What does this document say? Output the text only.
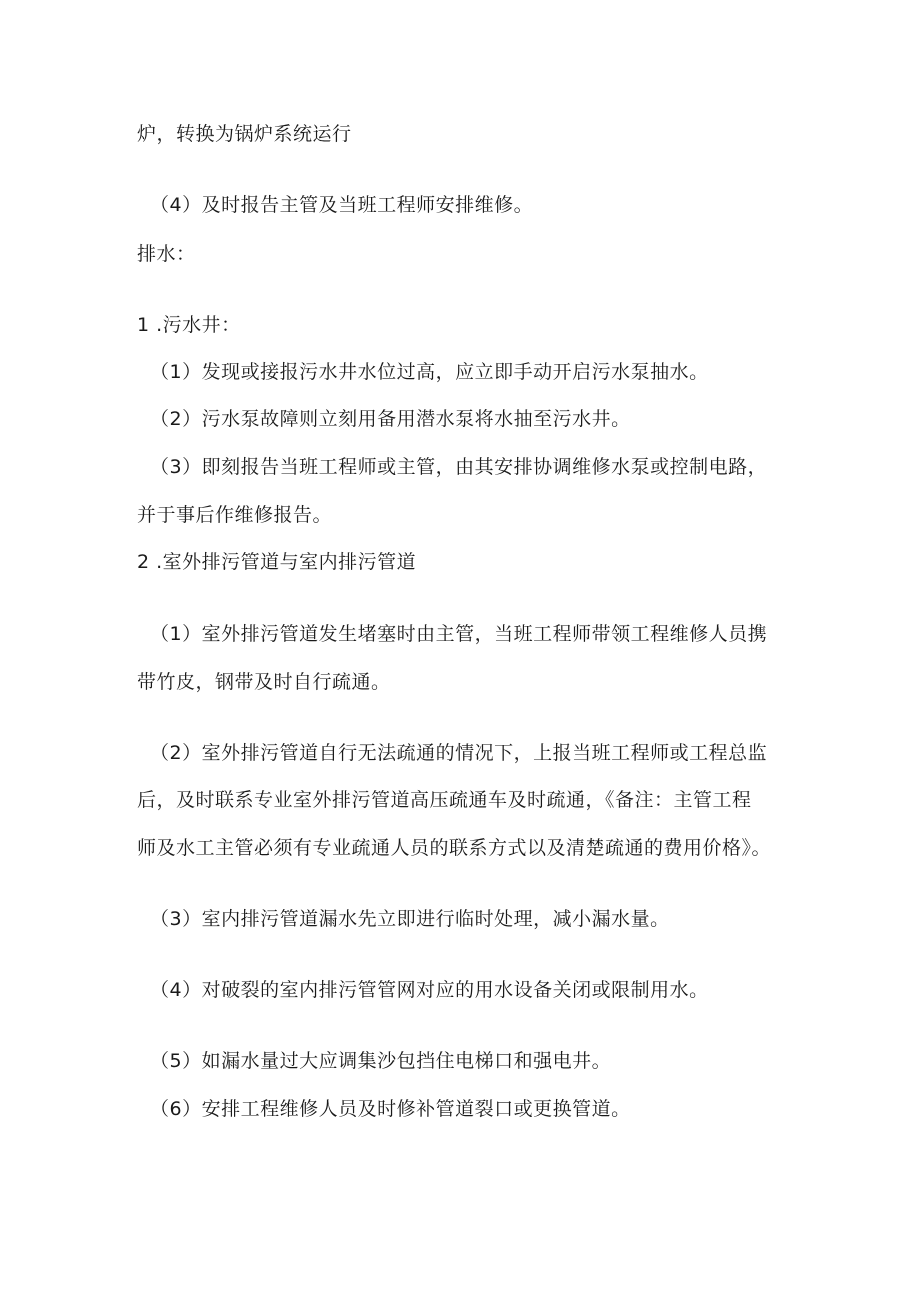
炉，转换为锅炉系统运行
（4）及时报告主管及当班工程师安排维修。
排水：
1 .污水井：
（1）发现或接报污水井水位过高，应立即手动开启污水泵抽水。
（2）污水泵故障则立刻用备用潜水泵将水抽至污水井。
（3）即刻报告当班工程师或主管，由其安排协调维修水泵或控制电路，
并于事后作维修报告。
2 .室外排污管道与室内排污管道
（1）室外排污管道发生堵塞时由主管，当班工程师带领工程维修人员携
带竹皮，钢带及时自行疏通。
（2）室外排污管道自行无法疏通的情况下，上报当班工程师或工程总监
后，及时联系专业室外排污管道高压疏通车及时疏通，《备注：主管工程
师及水工主管必须有专业疏通人员的联系方式以及清楚疏通的费用价格》。
（3）室内排污管道漏水先立即进行临时处理，减小漏水量。
（4）对破裂的室内排污管管网对应的用水设备关闭或限制用水。
（5）如漏水量过大应调集沙包挡住电梯口和强电井。
（6）安排工程维修人员及时修补管道裂口或更换管道。
